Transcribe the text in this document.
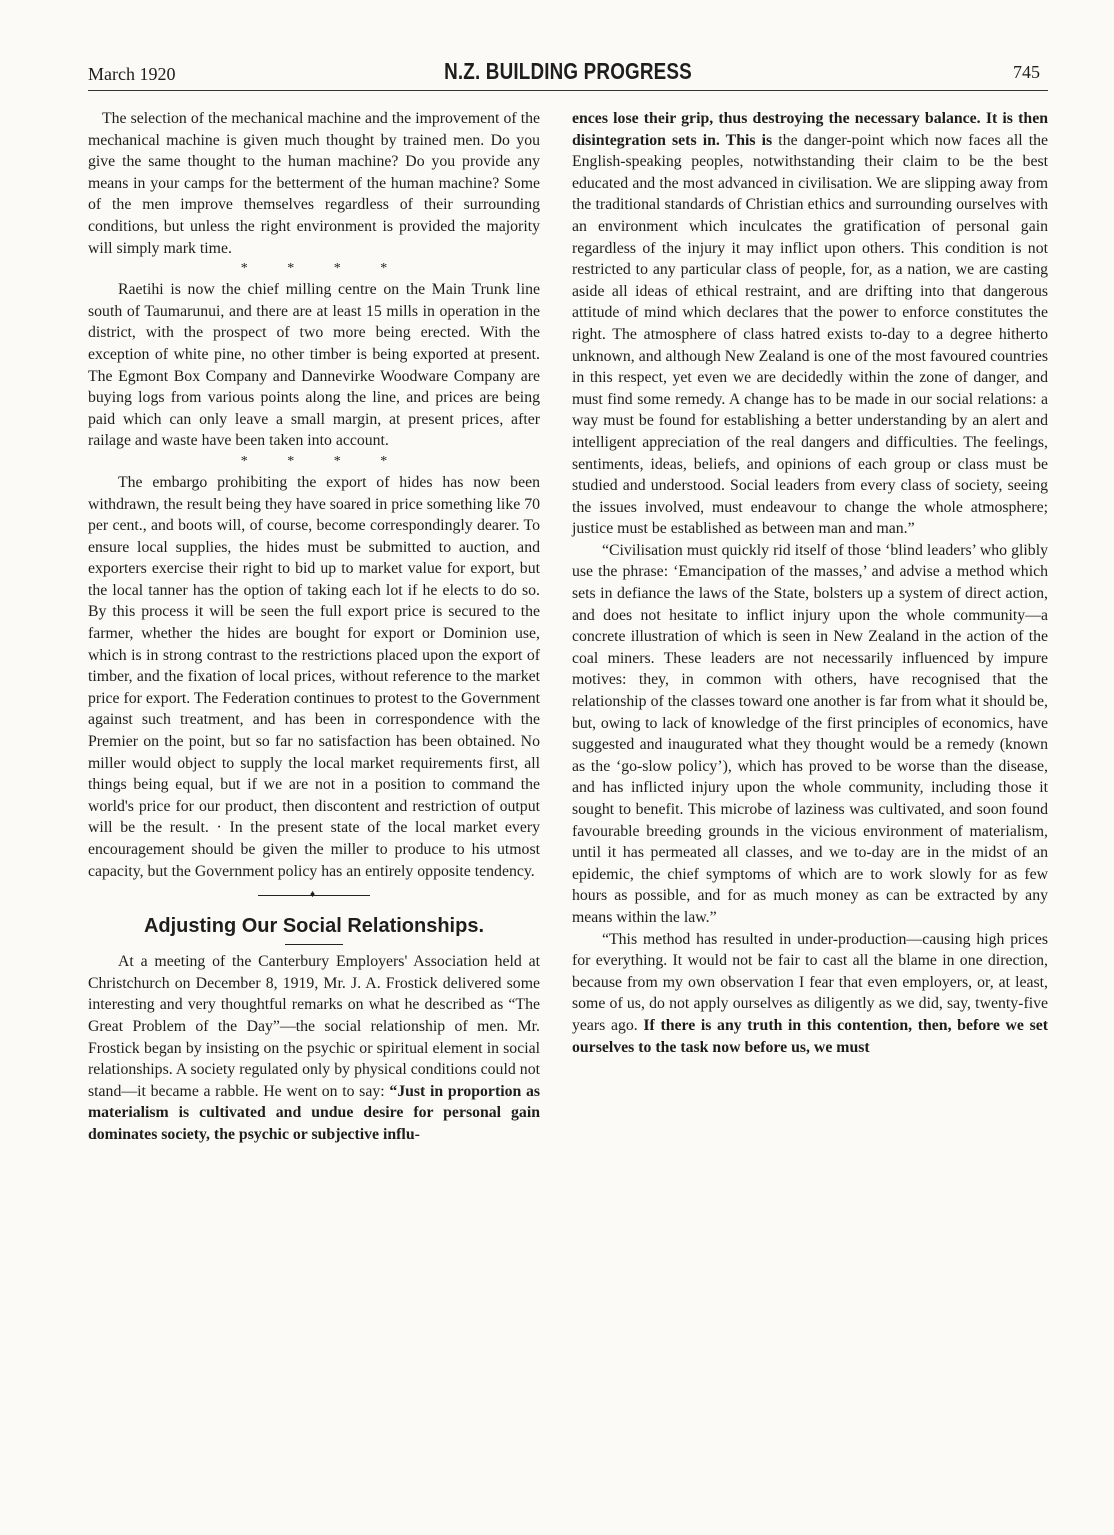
March 1920	N.Z. BUILDING PROGRESS	745

The selection of the mechanical machine and the improvement of the mechanical machine is given much thought by trained men. Do you give the same thought to the human machine? Do you provide any means in your camps for the betterment of the human machine? Some of the men improve themselves regardless of their surrounding conditions, but unless the right environment is provided the majority will simply mark time.

* * * *

Raetihi is now the chief milling centre on the Main Trunk line south of Taumarunui, and there are at least 15 mills in operation in the district, with the prospect of two more being erected. With the exception of white pine, no other timber is being exported at present. The Egmont Box Company and Dannevirke Woodware Company are buying logs from various points along the line, and prices are being paid which can only leave a small margin, at present prices, after railage and waste have been taken into account.

* * * *

The embargo prohibiting the export of hides has now been withdrawn, the result being they have soared in price something like 70 per cent., and boots will, of course, become correspondingly dearer. To ensure local supplies, the hides must be submitted to auction, and exporters exercise their right to bid up to market value for export, but the local tanner has the option of taking each lot if he elects to do so. By this process it will be seen the full export price is secured to the farmer, whether the hides are bought for export or Dominion use, which is in strong contrast to the restrictions placed upon the export of timber, and the fixation of local prices, without reference to the market price for export. The Federation continues to protest to the Government against such treatment, and has been in correspondence with the Premier on the point, but so far no satisfaction has been obtained. No miller would object to supply the local market requirements first, all things being equal, but if we are not in a position to command the world's price for our product, then discontent and restriction of output will be the result. · In the present state of the local market every encouragement should be given the miller to produce to his utmost capacity, but the Government policy has an entirely opposite tendency.

♦
Adjusting Our Social Relationships.

At a meeting of the Canterbury Employers' Association held at Christchurch on December 8, 1919, Mr. J. A. Frostick delivered some interesting and very thoughtful remarks on what he described as “The Great Problem of the Day”—the social relationship of men. Mr. Frostick began by insisting on the psychic or spiritual element in social relationships. A society regulated only by physical conditions could not stand—it became a rabble. He went on to say: “Just in proportion as materialism is cultivated and undue desire for personal gain dominates society, the psychic or subjective influ-

ences lose their grip, thus destroying the necessary balance. It is then disintegration sets in. This is the danger-point which now faces all the English-speaking peoples, notwithstanding their claim to be the best educated and the most advanced in civilisation. We are slipping away from the traditional standards of Christian ethics and surrounding ourselves with an environment which inculcates the gratification of personal gain regardless of the injury it may inflict upon others. This condition is not restricted to any particular class of people, for, as a nation, we are casting aside all ideas of ethical restraint, and are drifting into that dangerous attitude of mind which declares that the power to enforce constitutes the right. The atmosphere of class hatred exists to-day to a degree hitherto unknown, and although New Zealand is one of the most favoured countries in this respect, yet even we are decidedly within the zone of danger, and must find some remedy. A change has to be made in our social relations: a way must be found for establishing a better understanding by an alert and intelligent appreciation of the real dangers and difficulties. The feelings, sentiments, ideas, beliefs, and opinions of each group or class must be studied and understood. Social leaders from every class of society, seeing the issues involved, must endeavour to change the whole atmosphere; justice must be established as between man and man.”

“Civilisation must quickly rid itself of those ‘blind leaders’ who glibly use the phrase: ‘Emancipation of the masses,’ and advise a method which sets in defiance the laws of the State, bolsters up a system of direct action, and does not hesitate to inflict injury upon the whole community—a concrete illustration of which is seen in New Zealand in the action of the coal miners. These leaders are not necessarily influenced by impure motives: they, in common with others, have recognised that the relationship of the classes toward one another is far from what it should be, but, owing to lack of knowledge of the first principles of economics, have suggested and inaugurated what they thought would be a remedy (known as the ‘go-slow policy’), which has proved to be worse than the disease, and has inflicted injury upon the whole community, including those it sought to benefit. This microbe of laziness was cultivated, and soon found favourable breeding grounds in the vicious environment of materialism, until it has permeated all classes, and we to-day are in the midst of an epidemic, the chief symptoms of which are to work slowly for as few hours as possible, and for as much money as can be extracted by any means within the law.”

“This method has resulted in under-production—causing high prices for everything. It would not be fair to cast all the blame in one direction, because from my own observation I fear that even employers, or, at least, some of us, do not apply ourselves as diligently as we did, say, twenty-five years ago. If there is any truth in this contention, then, before we set ourselves to the task now before us, we must
